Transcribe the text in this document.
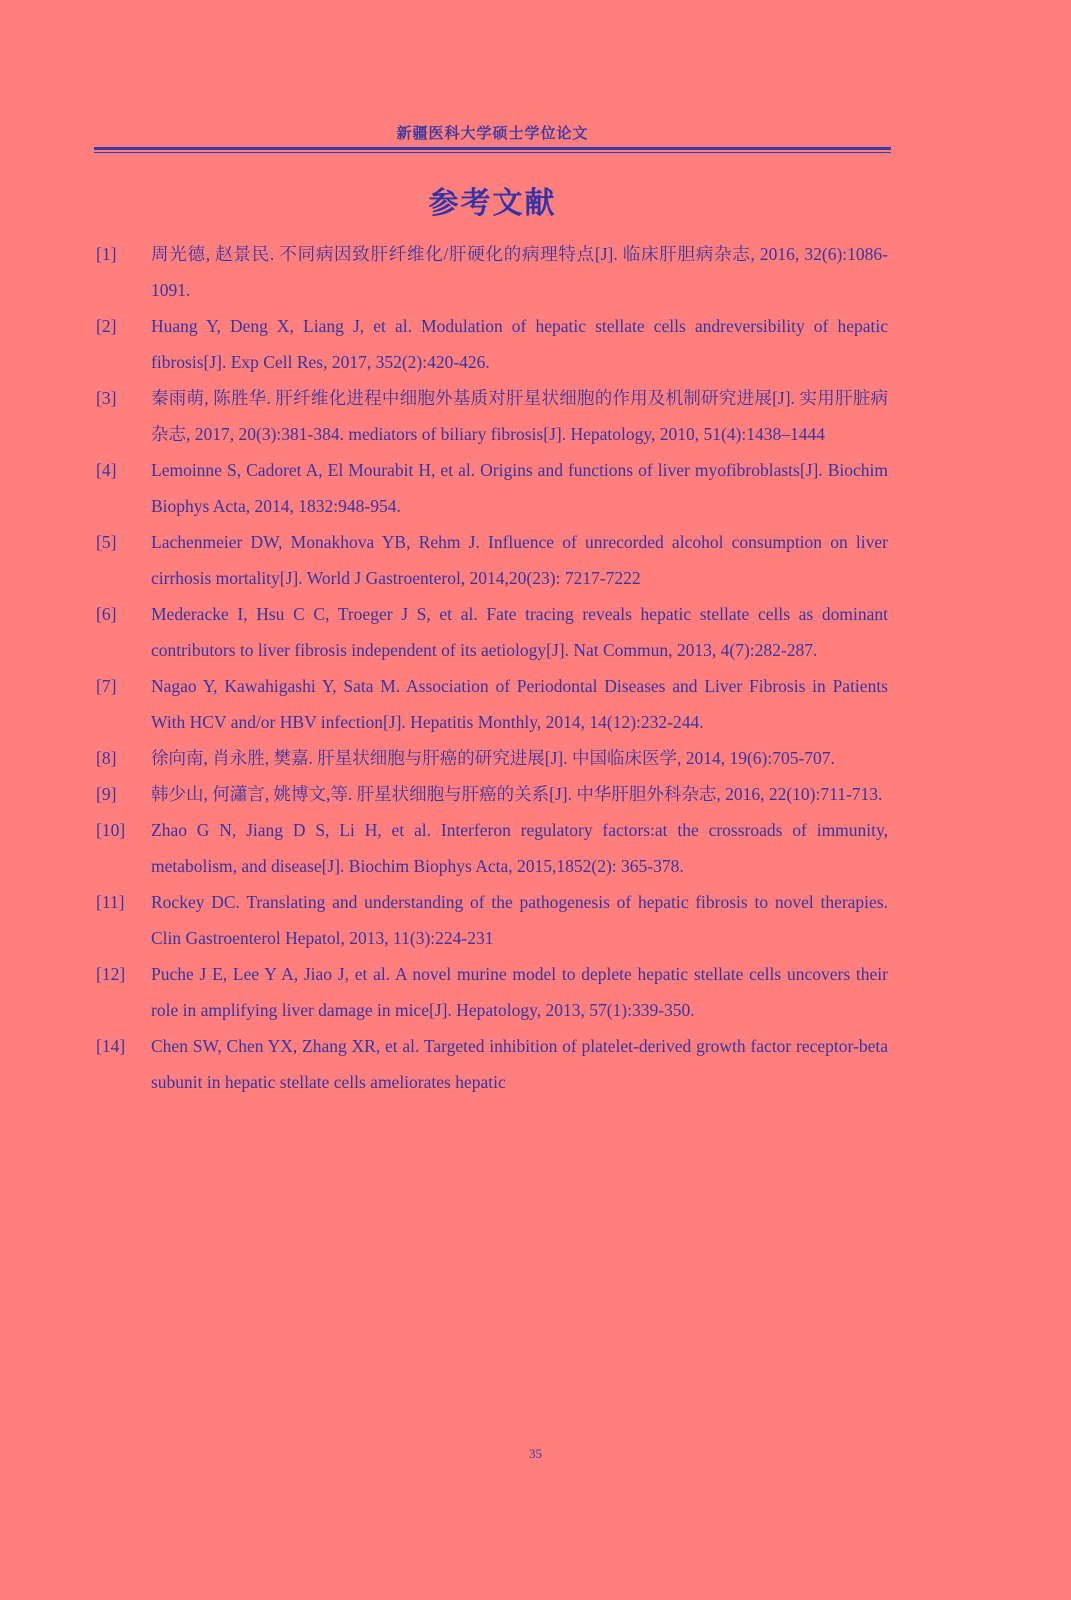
新疆医科大学硕士学位论文
参考文献
[1]	周光德, 赵景民. 不同病因致肝纤维化/肝硬化的病理特点[J]. 临床肝胆病杂志, 2016, 32(6):1086-1091.
[2]	Huang Y, Deng X, Liang J, et al. Modulation of hepatic stellate cells andreversibility of hepatic fibrosis[J]. Exp Cell Res, 2017, 352(2):420-426.
[3]	秦雨萌, 陈胜华. 肝纤维化进程中细胞外基质对肝星状细胞的作用及机制研究进展[J]. 实用肝脏病杂志, 2017, 20(3):381-384. mediators of biliary fibrosis[J]. Hepatology, 2010, 51(4):1438–1444
[4]	Lemoinne S, Cadoret A, El Mourabit H, et al. Origins and functions of liver myofibroblasts[J]. Biochim Biophys Acta, 2014, 1832:948-954.
[5]	Lachenmeier DW, Monakhova YB, Rehm J. Influence of unrecorded alcohol consumption on liver cirrhosis mortality[J]. World J Gastroenterol, 2014,20(23): 7217-7222
[6]	Mederacke I, Hsu C C, Troeger J S, et al. Fate tracing reveals hepatic stellate cells as dominant contributors to liver fibrosis independent of its aetiology[J]. Nat Commun, 2013, 4(7):282-287.
[7]	Nagao Y, Kawahigashi Y, Sata M. Association of Periodontal Diseases and Liver Fibrosis in Patients With HCV and/or HBV infection[J]. Hepatitis Monthly, 2014, 14(12):232-244.
[8]	徐向南, 肖永胜, 樊嘉. 肝星状细胞与肝癌的研究进展[J]. 中国临床医学, 2014, 19(6):705-707.
[9]	韩少山, 何瀟言, 姚博文,等. 肝星状细胞与肝癌的关系[J]. 中华肝胆外科杂志, 2016, 22(10):711-713.
[10]	Zhao G N, Jiang D S, Li H, et al. Interferon regulatory factors:at the crossroads of immunity, metabolism, and disease[J]. Biochim Biophys Acta, 2015,1852(2): 365-378.
[11]	Rockey DC. Translating and understanding of the pathogenesis of hepatic fibrosis to novel therapies. Clin Gastroenterol Hepatol, 2013, 11(3):224-231
[12]	Puche J E, Lee Y A, Jiao J, et al. A novel murine model to deplete hepatic stellate cells uncovers their role in amplifying liver damage in mice[J]. Hepatology, 2013, 57(1):339-350.
[14]	Chen SW, Chen YX, Zhang XR, et al. Targeted inhibition of platelet-derived growth factor receptor-beta subunit in hepatic stellate cells ameliorates hepatic
35
